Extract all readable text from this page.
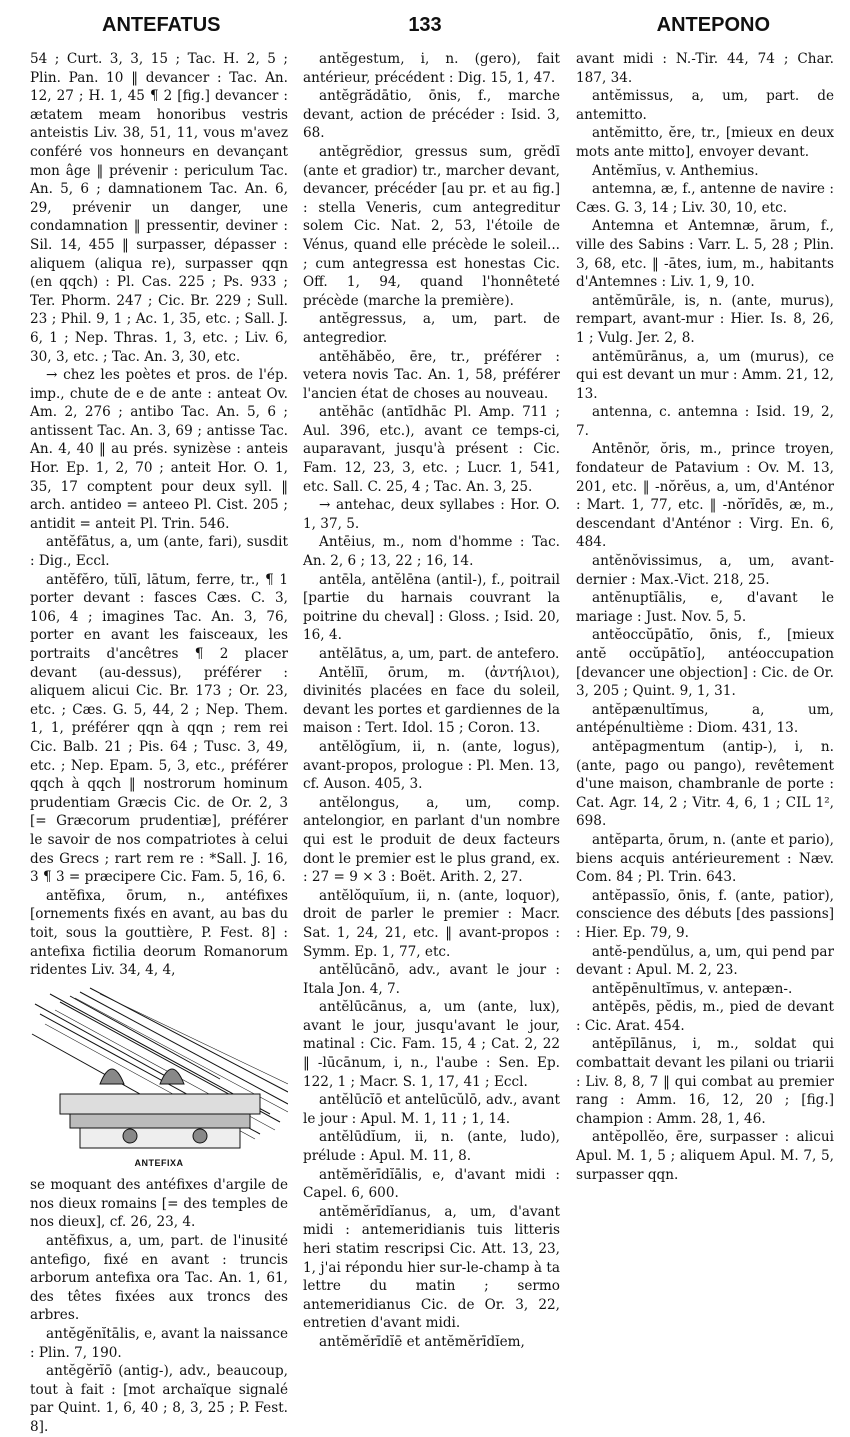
ANTEFATUS	133	ANTEPONO

54 ; Curt. 3, 3, 15 ; Tac. H. 2, 5 ; Plin. Pan. 10 ‖ devancer : Tac. An. 12, 27 ; H. 1, 45 ¶ 2 [fig.] devancer : ætatem meam honoribus vestris anteistis Liv. 38, 51, 11, vous m'avez conféré vos honneurs en devançant mon âge ‖ prévenir : periculum Tac. An. 5, 6 ; damnationem Tac. An. 6, 29, prévenir un danger, une condamnation ‖ pressentir, deviner : Sil. 14, 455 ‖ surpasser, dépasser : aliquem (aliqua re), surpasser qqn (en qqch) : Pl. Cas. 225 ; Ps. 933 ; Ter. Phorm. 247 ; Cic. Br. 229 ; Sull. 23 ; Phil. 9, 1 ; Ac. 1, 35, etc. ; Sall. J. 6, 1 ; Nep. Thras. 1, 3, etc. ; Liv. 6, 30, 3, etc. ; Tac. An. 3, 30, etc.

→ chez les poètes et pros. de l'ép. imp., chute de e de ante : anteat Ov. Am. 2, 276 ; antibo Tac. An. 5, 6 ; antissent Tac. An. 3, 69 ; antisse Tac. An. 4, 40 ‖ au prés. synizèse : anteis Hor. Ep. 1, 2, 70 ; anteit Hor. O. 1, 35, 17 comptent pour deux syll. ‖ arch. antideo = anteeo Pl. Cist. 205 ; antidit = anteit Pl. Trin. 546.

antĕfātus, a, um (ante, fari), susdit : Dig., Eccl.

antĕfĕro, tŭlī, lātum, ferre, tr., ¶ 1 porter devant : fasces Cæs. C. 3, 106, 4 ; imagines Tac. An. 3, 76, porter en avant les faisceaux, les portraits d'ancêtres ¶ 2 placer devant (au-dessus), préférer : aliquem alicui Cic. Br. 173 ; Or. 23, etc. ; Cæs. G. 5, 44, 2 ; Nep. Them. 1, 1, préférer qqn à qqn ; rem rei Cic. Balb. 21 ; Pis. 64 ; Tusc. 3, 49, etc. ; Nep. Epam. 5, 3, etc., préférer qqch à qqch ‖ nostrorum hominum prudentiam Græcis Cic. de Or. 2, 3 [= Græcorum prudentiæ], préférer le savoir de nos compatriotes à celui des Grecs ; rart rem re : *Sall. J. 16, 3 ¶ 3 = præcipere Cic. Fam. 5, 16, 6.

antĕfixa, ōrum, n., antéfixes [ornements fixés en avant, au bas du toit, sous la gouttière, P. Fest. 8] : antefixa fictilia deorum Romanorum ridentes Liv. 34, 4, 4,

ANTEFIXA

se moquant des antéfixes d'argile de nos dieux romains [= des temples de nos dieux], cf. 26, 23, 4.

antĕfixus, a, um, part. de l'inusité antefigo, fixé en avant : truncis arborum antefixa ora Tac. An. 1, 61, des têtes fixées aux troncs des arbres.

antĕgĕnĭtālis, e, avant la naissance : Plin. 7, 190.

antĕgĕrĭō (antig-), adv., beaucoup, tout à fait : [mot archaïque signalé par Quint. 1, 6, 40 ; 8, 3, 25 ; P. Fest. 8].

antĕgestum, i, n. (gero), fait antérieur, précédent : Dig. 15, 1, 47.

antĕgrădātio, ōnis, f., marche devant, action de précéder : Isid. 3, 68.

antĕgrĕdior, gressus sum, grĕdī (ante et gradior) tr., marcher devant, devancer, précéder [au pr. et au fig.] : stella Veneris, cum antegreditur solem Cic. Nat. 2, 53, l'étoile de Vénus, quand elle précède le soleil... ; cum antegressa est honestas Cic. Off. 1, 94, quand l'honnêteté précède (marche la première).

antĕgressus, a, um, part. de antegredior.

antĕhăbĕo, ēre, tr., préférer : vetera novis Tac. An. 1, 58, préférer l'ancien état de choses au nouveau.

antĕhāc (antīdhāc Pl. Amp. 711 ; Aul. 396, etc.), avant ce temps-ci, auparavant, jusqu'à présent : Cic. Fam. 12, 23, 3, etc. ; Lucr. 1, 541, etc. Sall. C. 25, 4 ; Tac. An. 3, 25.

→ antehac, deux syllabes : Hor. O. 1, 37, 5.

Antēius, m., nom d'homme : Tac. An. 2, 6 ; 13, 22 ; 16, 14.

antēla, antĕlēna (antil-), f., poitrail [partie du harnais couvrant la poitrine du cheval] : Gloss. ; Isid. 20, 16, 4.

antĕlātus, a, um, part. de antefero.

Antĕlĭī, ōrum, m. (ἀντήλιοι), divinités placées en face du soleil, devant les portes et gardiennes de la maison : Tert. Idol. 15 ; Coron. 13.

antĕlŏgĭum, ii, n. (ante, logus), avant-propos, prologue : Pl. Men. 13, cf. Auson. 405, 3.

antĕlongus, a, um, comp. antelongior, en parlant d'un nombre qui est le produit de deux facteurs dont le premier est le plus grand, ex. : 27 = 9 × 3 : Boët. Arith. 2, 27.

antĕlŏquĭum, ii, n. (ante, loquor), droit de parler le premier : Macr. Sat. 1, 24, 21, etc. ‖ avant-propos : Symm. Ep. 1, 77, etc.

antĕlūcānō, adv., avant le jour : Itala Jon. 4, 7.

antĕlūcānus, a, um (ante, lux), avant le jour, jusqu'avant le jour, matinal : Cic. Fam. 15, 4 ; Cat. 2, 22 ‖ -lūcānum, i, n., l'aube : Sen. Ep. 122, 1 ; Macr. S. 1, 17, 41 ; Eccl.

antĕlūcĭō et antelūcŭlō, adv., avant le jour : Apul. M. 1, 11 ; 1, 14.

antĕlūdĭum, ii, n. (ante, ludo), prélude : Apul. M. 11, 8.

antĕmĕrīdĭālis, e, d'avant midi : Capel. 6, 600.

antĕmĕrīdĭanus, a, um, d'avant midi : antemeridianis tuis litteris heri statim rescripsi Cic. Att. 13, 23, 1, j'ai répondu hier sur-le-champ à ta lettre du matin ; sermo antemeridianus Cic. de Or. 3, 22, entretien d'avant midi.

antĕmĕrīdĭē et antĕmĕrīdĭem,

avant midi : N.-Tir. 44, 74 ; Char. 187, 34.

antĕmissus, a, um, part. de antemitto.

antĕmitto, ĕre, tr., [mieux en deux mots ante mitto], envoyer devant.

Antĕmĭus, v. Anthemius.

antemna, æ, f., antenne de navire : Cæs. G. 3, 14 ; Liv. 30, 10, etc.

Antemna et Antemnæ, ārum, f., ville des Sabins : Varr. L. 5, 28 ; Plin. 3, 68, etc. ‖ -ātes, ium, m., habitants d'Antemnes : Liv. 1, 9, 10.

antĕmūrāle, is, n. (ante, murus), rempart, avant-mur : Hier. Is. 8, 26, 1 ; Vulg. Jer. 2, 8.

antĕmūrānus, a, um (murus), ce qui est devant un mur : Amm. 21, 12, 13.

antenna, c. antemna : Isid. 19, 2, 7.

Antēnŏr, ŏris, m., prince troyen, fondateur de Patavium : Ov. M. 13, 201, etc. ‖ -nŏrĕus, a, um, d'Anténor : Mart. 1, 77, etc. ‖ -nŏrĭdēs, æ, m., descendant d'Anténor : Virg. En. 6, 484.

antĕnŏvissimus, a, um, avant-dernier : Max.-Vict. 218, 25.

antĕnuptĭālis, e, d'avant le mariage : Just. Nov. 5, 5.

antĕoccŭpātĭo, ōnis, f., [mieux antĕ occŭpātĭo], antéoccupation [devancer une objection] : Cic. de Or. 3, 205 ; Quint. 9, 1, 31.

antĕpænultĭmus, a, um, antépénultième : Diom. 431, 13.

antĕpagmentum (antip-), i, n. (ante, pago ou pango), revêtement d'une maison, chambranle de porte : Cat. Agr. 14, 2 ; Vitr. 4, 6, 1 ; CIL 1², 698.

antĕparta, ōrum, n. (ante et pario), biens acquis antérieurement : Næv. Com. 84 ; Pl. Trin. 643.

antĕpassĭo, ōnis, f. (ante, patior), conscience des débuts [des passions] : Hier. Ep. 79, 9.

antĕ-pendŭlus, a, um, qui pend par devant : Apul. M. 2, 23.

antĕpēnultĭmus, v. antepæn-.

antĕpēs, pĕdis, m., pied de devant : Cic. Arat. 454.

antĕpīlānus, i, m., soldat qui combattait devant les pilani ou triarii : Liv. 8, 8, 7 ‖ qui combat au premier rang : Amm. 16, 12, 20 ; [fig.] champion : Amm. 28, 1, 46.

antĕpollĕo, ēre, surpasser : alicui Apul. M. 1, 5 ; aliquem Apul. M. 7, 5, surpasser qqn.
